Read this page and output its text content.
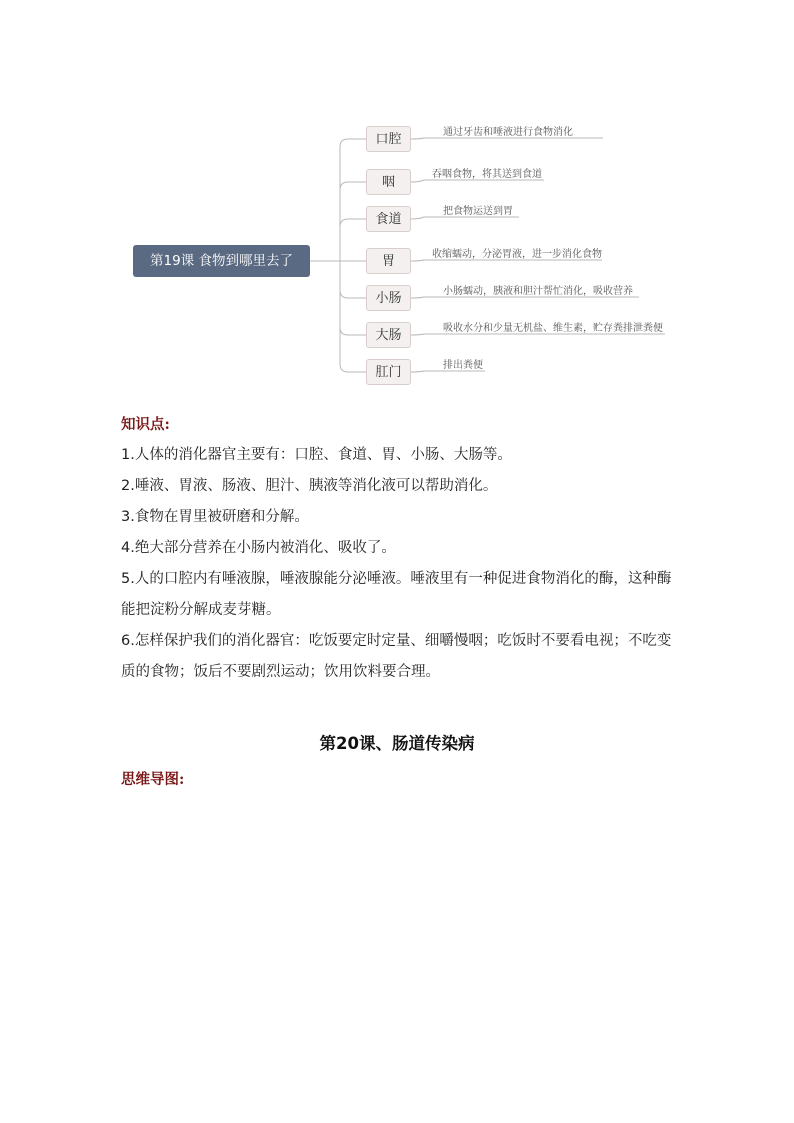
第19课 食物到哪里去了
口腔	通过牙齿和唾液进行食物消化
咽
吞咽食物，将其送到食道
食道
把食物运送到胃
胃	收缩蠕动，分泌胃液，进一步消化食物
小肠	小肠蠕动，胰液和胆汁帮忙消化，吸收营养
大肠	吸收水分和少量无机盐、维生素，贮存粪排泄粪便
肛门	排出粪便
知识点:
1.人体的消化器官主要有：口腔、食道、胃、小肠、大肠等。
2.唾液、胃液、肠液、胆汁、胰液等消化液可以帮助消化。
3.食物在胃里被研磨和分解。
4.绝大部分营养在小肠内被消化、吸收了。
5.人的口腔内有唾液腺，唾液腺能分泌唾液。唾液里有一种促进食物消化的酶，这种酶能把淀粉分解成麦芽糖。
6.怎样保护我们的消化器官：吃饭要定时定量、细嚼慢咽；吃饭时不要看电视；不吃变质的食物；饭后不要剧烈运动；饮用饮料要合理。
第20课、肠道传染病
思维导图:
